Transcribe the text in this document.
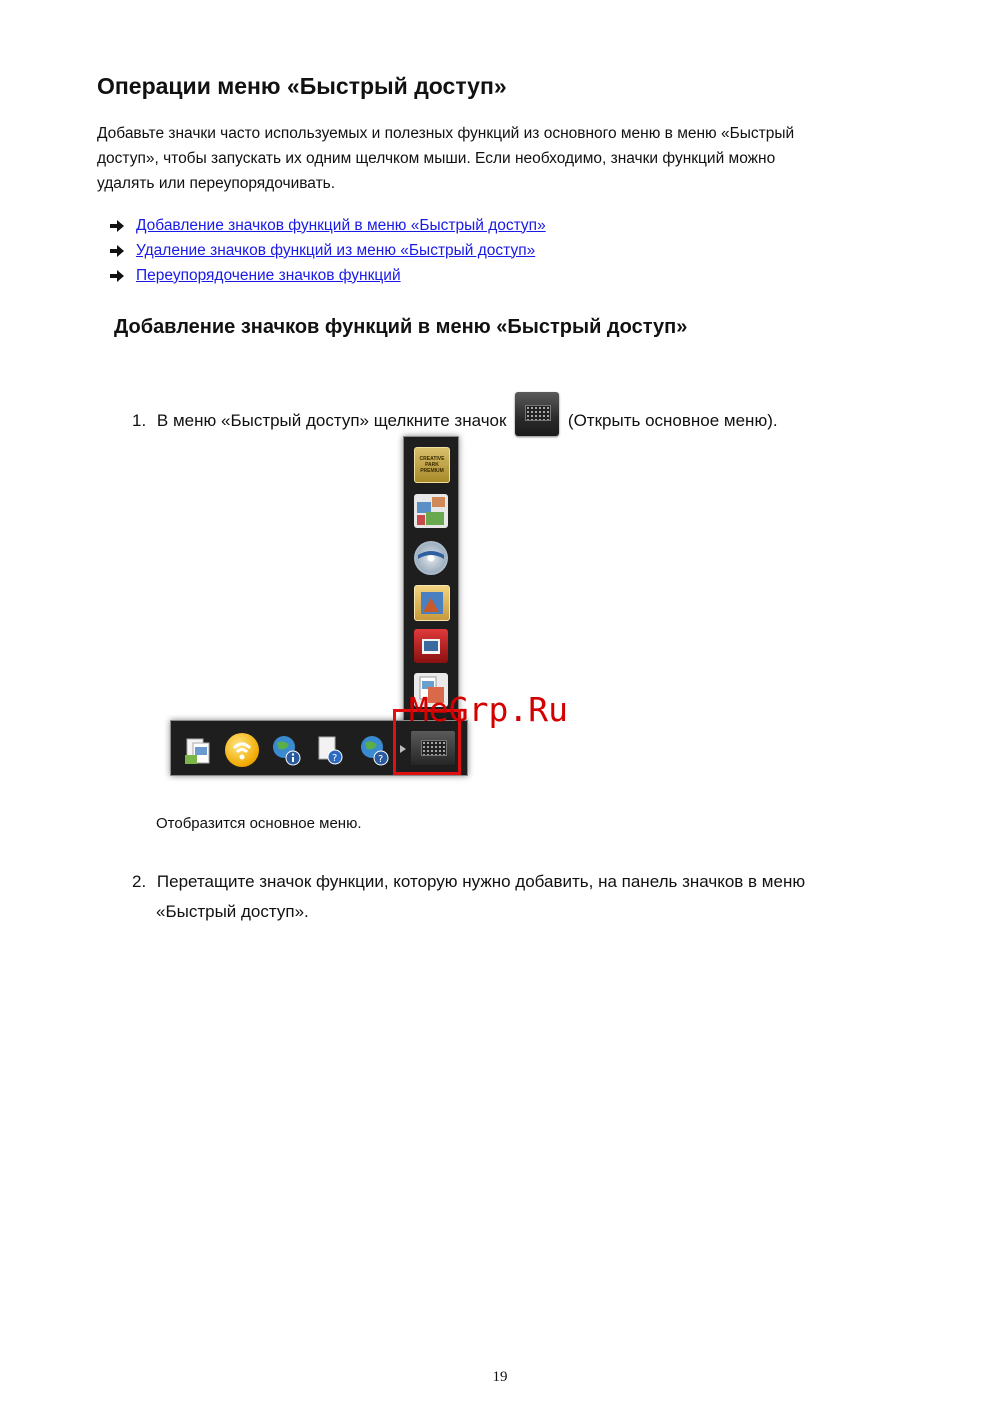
Операции меню «Быстрый доступ»
Добавьте значки часто используемых и полезных функций из основного меню в меню «Быстрый
доступ», чтобы запускать их одним щелчком мыши. Если необходимо, значки функций можно
удалять или переупорядочивать.
Добавление значков функций в меню «Быстрый доступ»
Удаление значков функций из меню «Быстрый доступ»
Переупорядочение значков функций
Добавление значков функций в меню «Быстрый доступ»
1. В меню «Быстрый доступ» щелкните значок	(Открыть основное меню).
CREATIVE PARK PREMIUM
?	?
MeGrp.Ru
Отобразится основное меню.
2. Перетащите значок функции, которую нужно добавить, на панель значков в меню
«Быстрый доступ».
19
